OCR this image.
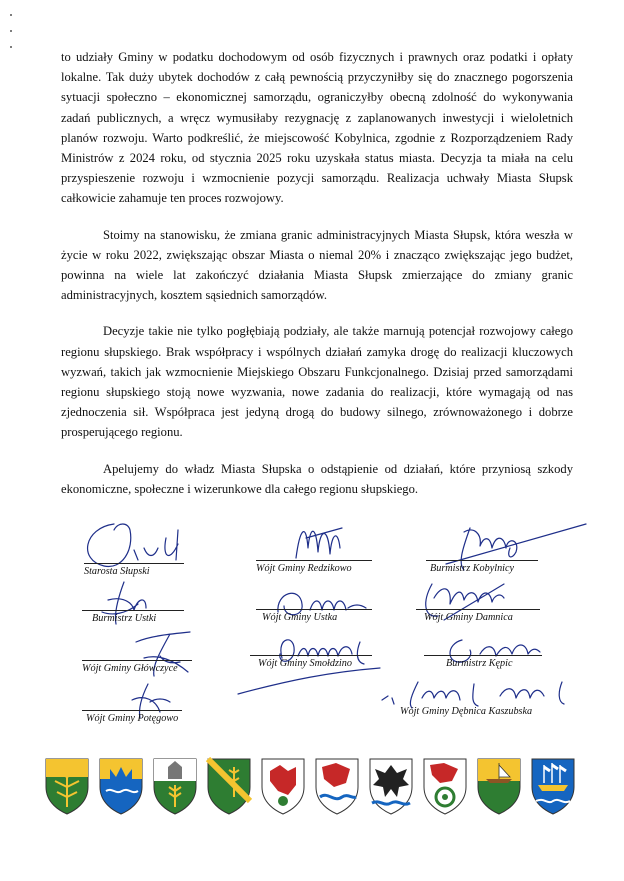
to udziały Gminy w podatku dochodowym od osób fizycznych i prawnych oraz podatki i opłaty lokalne. Tak duży ubytek dochodów z całą pewnością przyczyniłby się do znacznego pogorszenia sytuacji społeczno – ekonomicznej samorządu, ograniczyłby obecną zdolność do wykonywania zadań publicznych, a wręcz wymusiłaby rezygnację z zaplanowanych inwestycji i wieloletnich planów rozwoju. Warto podkreślić, że miejscowość Kobylnica, zgodnie z Rozporządzeniem Rady Ministrów z 2024 roku, od stycznia 2025 roku uzyskała status miasta. Decyzja ta miała na celu przyspieszenie rozwoju i wzmocnienie pozycji samorządu. Realizacja uchwały Miasta Słupsk całkowicie zahamuje ten proces rozwojowy.

Stoimy na stanowisku, że zmiana granic administracyjnych Miasta Słupsk, która weszła w życie w roku 2022, zwiększając obszar Miasta o niemal 20% i znacząco zwiększając jego budżet, powinna na wiele lat zakończyć działania Miasta Słupsk zmierzające do zmiany granic administracyjnych, kosztem sąsiednich samorządów.

Decyzje takie nie tylko pogłębiają podziały, ale także marnują potencjał rozwojowy całego regionu słupskiego. Brak współpracy i wspólnych działań zamyka drogę do realizacji kluczowych wyzwań, takich jak wzmocnienie Miejskiego Obszaru Funkcjonalnego. Dzisiaj przed samorządami regionu słupskiego stoją nowe wyzwania, nowe zadania do realizacji, które wymagają od nas zjednoczenia sił. Współpraca jest jedyną drogą do budowy silnego, zrównoważonego i dobrze prosperującego regionu.

Apelujemy do władz Miasta Słupska o odstąpienie od działań, które przyniosą szkody ekonomiczne, społeczne i wizerunkowe dla całego regionu słupskiego.

Starosta Słupski	Wójt Gminy Redzikowo	Burmistrz Kobylnicy
Burmistrz Ustki	Wójt Gminy Ustka	Wójt Gminy Damnica
Wójt Gminy Główczyce	Wójt Gminy Smołdzino	Burmistrz Kępic
Wójt Gminy Potęgowo
Wójt Gminy Dębnica Kaszubska
